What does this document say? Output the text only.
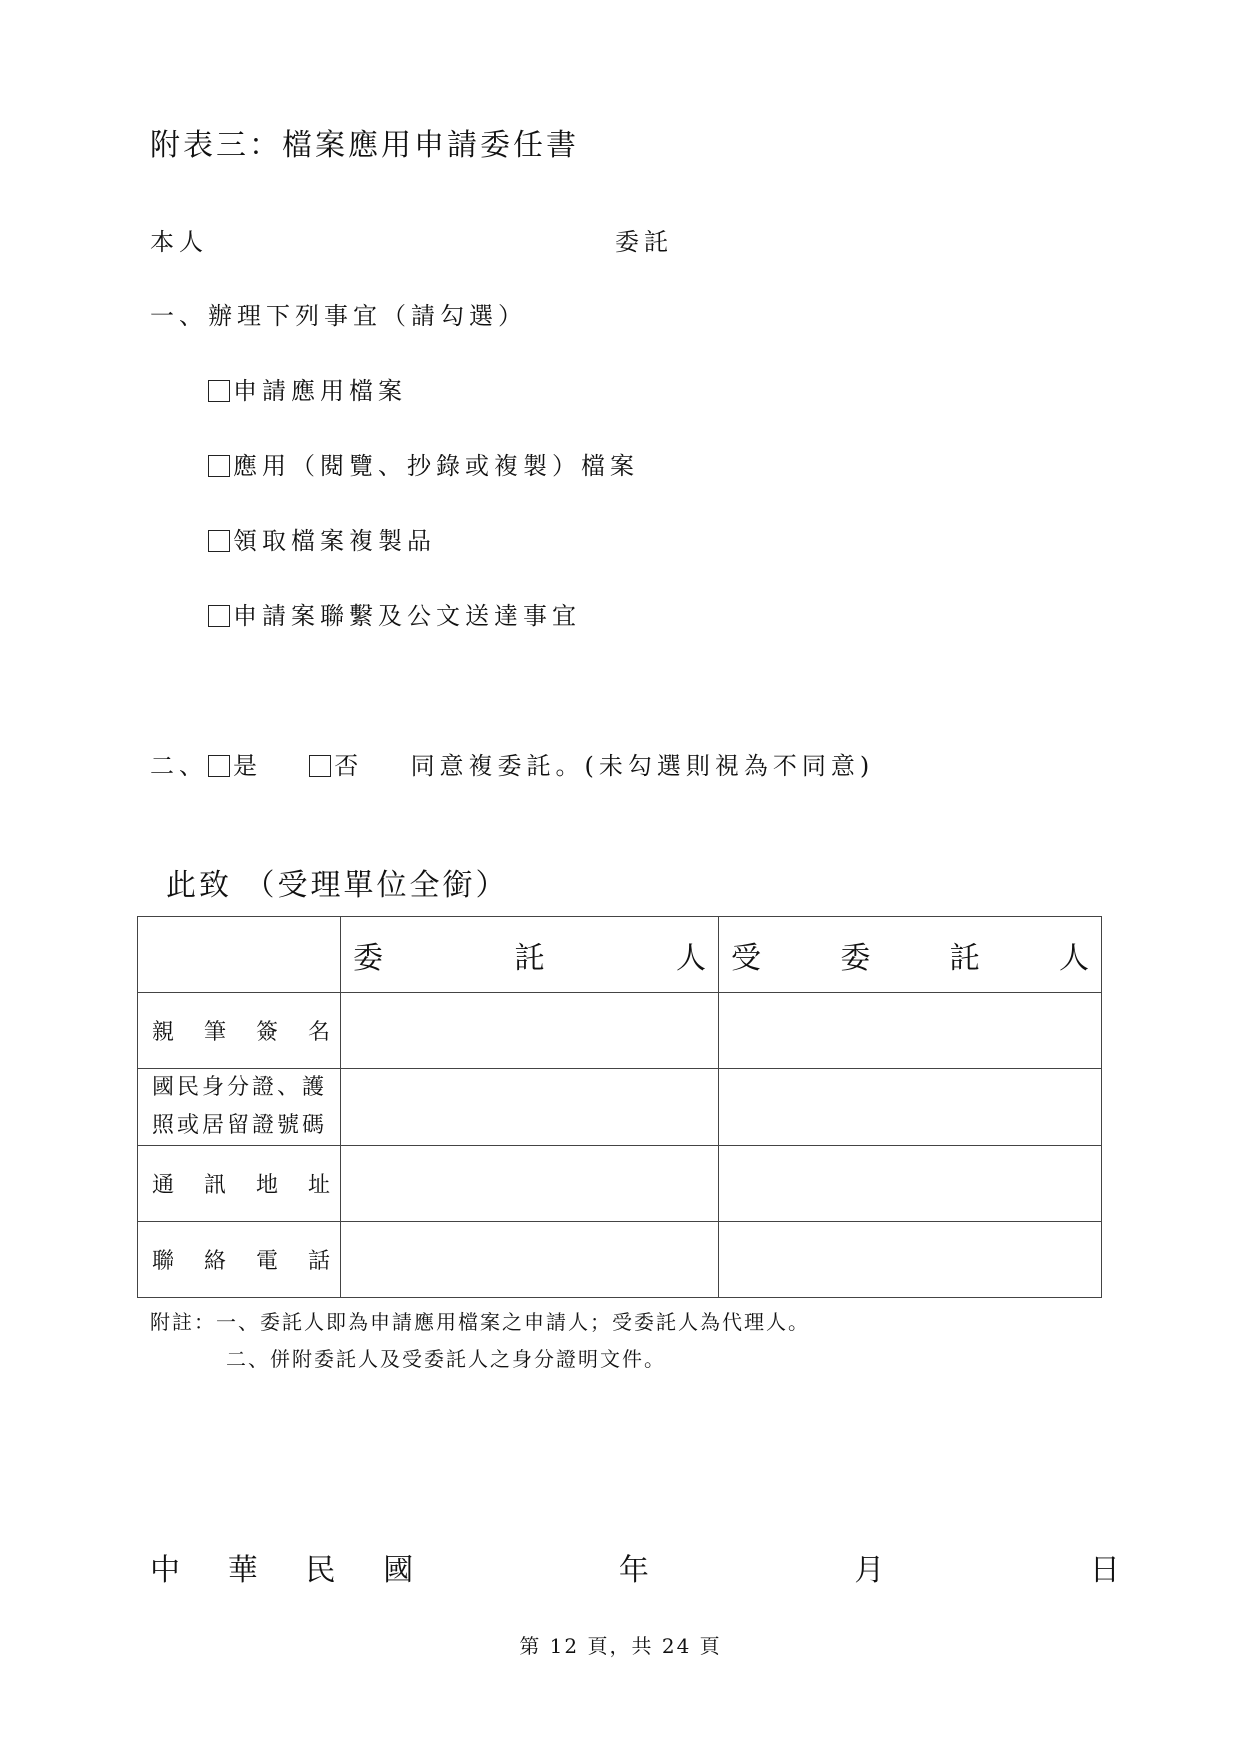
附表三：檔案應用申請委任書
本人	委託
一、辦理下列事宜（請勾選）
申請應用檔案
應用（閱覽、抄錄或複製）檔案
領取檔案複製品
申請案聯繫及公文送達事宜
二、 是	否 同意複委託。(未勾選則視為不同意)
此致 （受理單位全銜）

	委 託 人	受 委 託 人

親 筆 簽 名		

國民身分證、護
照或居留證號碼		

通 訊 地 址		

聯 絡 電 話		

附註：一、委託人即為申請應用檔案之申請人；受委託人為代理人。
二、併附委託人及受委託人之身分證明文件。
中 華 民 國	年	月	日
第 12 頁，共 24 頁
